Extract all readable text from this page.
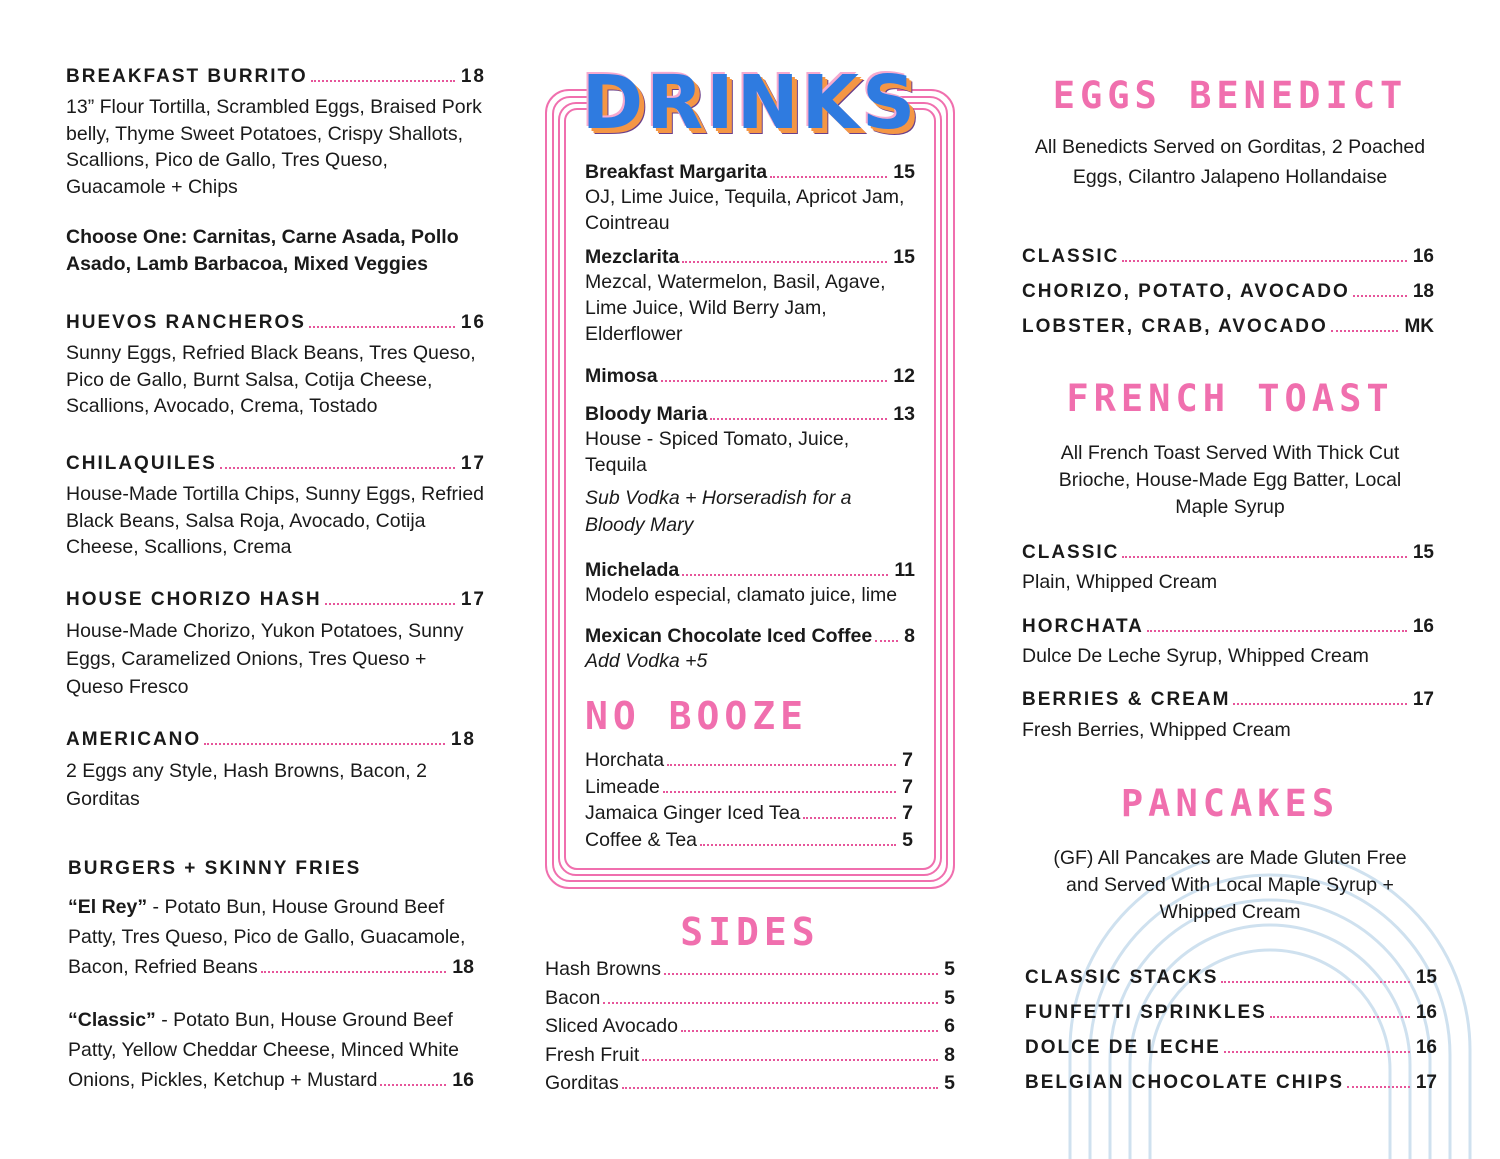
BREAKFAST BURRITO	18
13” Flour Tortilla, Scrambled Eggs, Braised Pork belly, Thyme Sweet Potatoes, Crispy Shallots, Scallions, Pico de Gallo, Tres Queso, Guacamole + Chips
Choose One: Carnitas, Carne Asada, Pollo Asado, Lamb Barbacoa, Mixed Veggies
HUEVOS RANCHEROS	16
Sunny Eggs, Refried Black Beans, Tres Queso, Pico de Gallo, Burnt Salsa, Cotija Cheese, Scallions, Avocado, Crema, Tostado
CHILAQUILES	17
House-Made Tortilla Chips, Sunny Eggs, Refried Black Beans, Salsa Roja, Avocado, Cotija Cheese, Scallions, Crema
HOUSE CHORIZO HASH	17
House-Made Chorizo, Yukon Potatoes, Sunny Eggs, Caramelized Onions, Tres Queso + Queso Fresco
AMERICANO	18
2 Eggs any Style, Hash Browns, Bacon, 2 Gorditas
BURGERS + SKINNY FRIES
“El Rey” - Potato Bun, House Ground Beef
Patty, Tres Queso, Pico de Gallo, Guacamole,
Bacon, Refried Beans	18
“Classic” - Potato Bun, House Ground Beef
Patty, Yellow Cheddar Cheese, Minced White
Onions, Pickles, Ketchup + Mustard	16
DRINKS
Breakfast Margarita	15
OJ, Lime Juice, Tequila, Apricot Jam, Cointreau
Mezclarita	15
Mezcal, Watermelon, Basil, Agave, Lime Juice, Wild Berry Jam, Elderflower
Mimosa	12
Bloody Maria	13
House - Spiced Tomato, Juice, Tequila
Sub Vodka + Horseradish for a Bloody Mary
Michelada	11
Modelo especial, clamato juice, lime
Mexican Chocolate Iced Coffee 8
Add Vodka +5
NO BOOZE
Horchata	7
Limeade	7
Jamaica Ginger Iced Tea	7
Coffee & Tea	5
SIDES
Hash Browns	5
Bacon	5
Sliced Avocado	6
Fresh Fruit	8
Gorditas	5
EGGS BENEDICT
All Benedicts Served on Gorditas, 2 Poached Eggs, Cilantro Jalapeno Hollandaise
CLASSIC	16
CHORIZO, POTATO, AVOCADO	18
LOBSTER, CRAB, AVOCADO	MK
FRENCH TOAST
All French Toast Served With Thick Cut Brioche, House-Made Egg Batter, Local Maple Syrup
CLASSIC	15
Plain, Whipped Cream
HORCHATA	16
Dulce De Leche Syrup, Whipped Cream
BERRIES & CREAM	17
Fresh Berries, Whipped Cream
PANCAKES
(GF) All Pancakes are Made Gluten Free and Served With Local Maple Syrup + Whipped Cream
CLASSIC STACKS	15
FUNFETTI SPRINKLES	16
DOLCE DE LECHE	16
BELGIAN CHOCOLATE CHIPS	17
